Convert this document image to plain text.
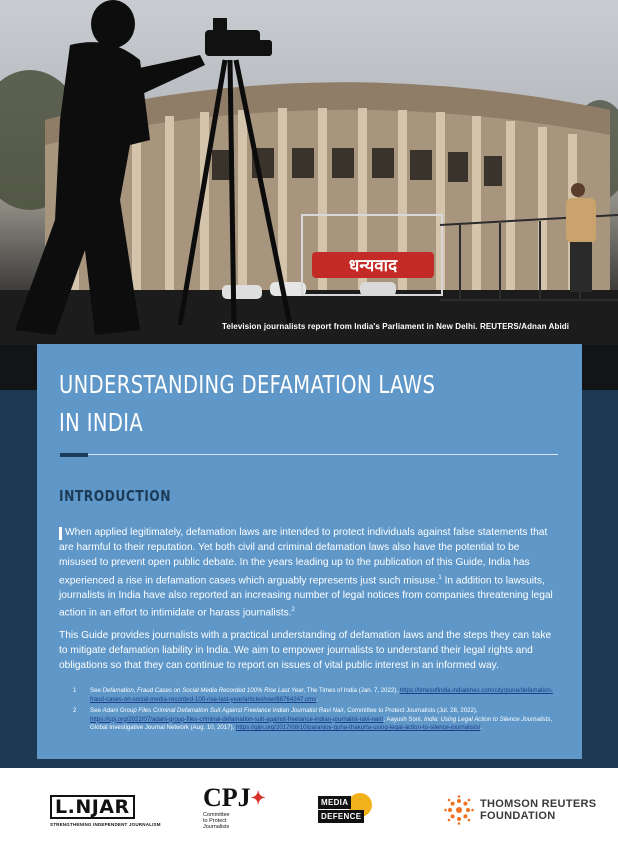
धन्यवाद
Television journalists report from India's Parliament in New Delhi. REUTERS/Adnan Abidi
UNDERSTANDING DEFAMATION LAWS
IN INDIA
INTRODUCTION

When applied legitimately, defamation laws are intended to protect individuals against false statements that are harmful to their reputation. Yet both civil and criminal defamation laws also have the potential to be misused to prevent open public debate. In the years leading up to the publication of this Guide, India has experienced a rise in defamation cases which arguably represents just such misuse.$^1$ In addition to lawsuits, journalists in India have also reported an increasing number of legal notices from companies threatening legal action in an effort to intimidate or harass journalists.$^2$

This Guide provides journalists with a practical understanding of defamation laws and the steps they can take to mitigate defamation liability in India. We aim to empower journalists to understand their legal rights and obligations so that they can continue to report on issues of vital public interest in an informed way.

1 See Defamation, Fraud Cases on Social Media Recorded 100% Rise Last Year, The Times of India (Jan. 7, 2022), https://timesofindia.indiatimes.com/city/pune/defamation-fraud-cases-on-social-media-recorded-100-rise-last-year/articleshow/88764247.cms.
2 See Adani Group Files Criminal Defamation Suit Against Freelance Indian Journalist Ravi Nair, Committee to Protect Journalists (Jul. 28, 2022), https://cpj.org/2022/07/adani-group-files-criminal-defamation-suit-against-freelance-indian-journalist-ravi-nair/; Aayush Soni, India: Using Legal Action to Silence Journalists, Global Investigative Journal Network (Aug. 10, 2017), https://gijn.org/2017/08/10/paranjoy-guha-thakurta-using-legal-action-to-silence-journalists/.
L.NJAR
STRENGTHENING INDEPENDENT JOURNALISM
CPJ✦
Committee
to Protect
Journalists
MEDIA
DEFENCE
THOMSON REUTERS
FOUNDATION
